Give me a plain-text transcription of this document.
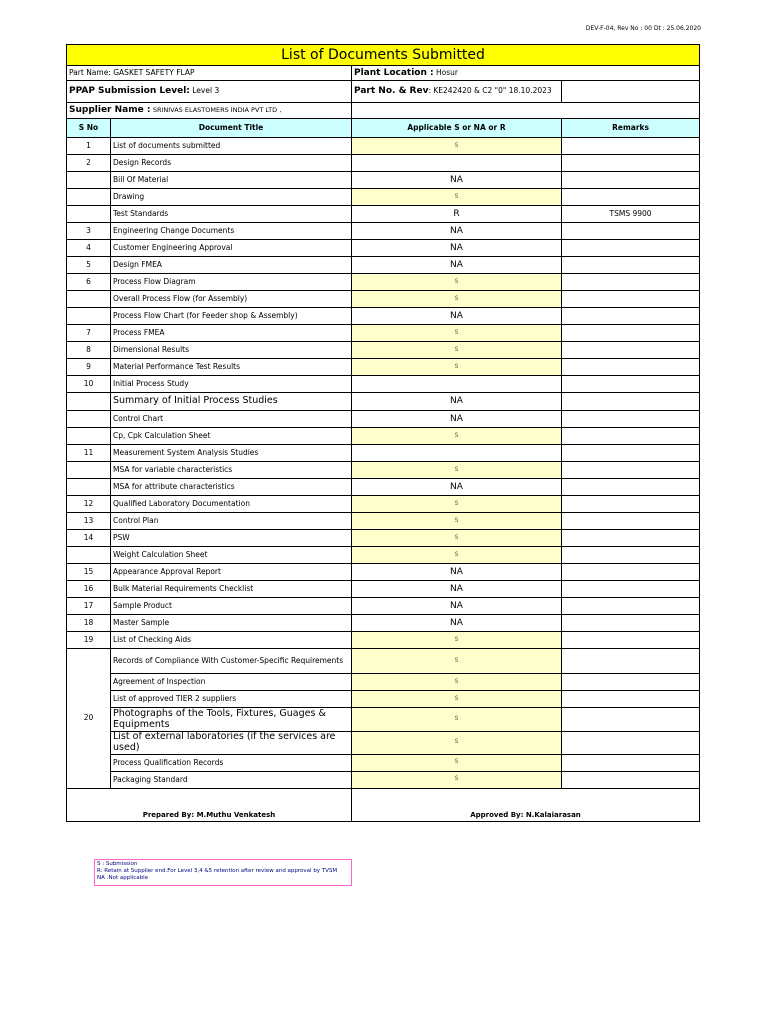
DEV-F-04, Rev No : 00 Dt : 25.06.2020
List of Documents Submitted			
Part Name: GASKET SAFETY FLAP		Plant Location : Hosur	
PPAP Submission Level: Level 3		Part No. & Rev: KE242420 & C2 "0" 18.10.2023	
Supplier Name : SRINIVAS ELASTOMERS INDIA PVT LTD ,			
S No	Document Title	Applicable S or NA or R	Remarks
1	List of documents submitted	S	
2	Design Records		
	Bill Of Material	NA	
	Drawing	S	
	Test Standards	R	TSMS 9900
3	Engineering Change Documents	NA	
4	Customer Engineering Approval	NA	
5	Design FMEA	NA	
6	Process Flow Diagram	S	
	Overall Process Flow (for Assembly)	S	
	Process Flow Chart (for Feeder shop & Assembly)	NA	
7	Process FMEA	S	
8	Dimensional Results	S	
9	Material Performance Test Results	S	
10	Initial Process Study		
	Summary of Initial Process Studies	NA	
	Control Chart	NA	
	Cp, Cpk Calculation Sheet	S	
11	Measurement System Analysis Studies		
	MSA for variable characteristics	S	
	MSA for attribute characteristics	NA	
12	Qualified Laboratory Documentation	S	
13	Control Plan	S	
14	PSW	S	
	Weight Calculation Sheet	S	
15	Appearance Approval Report	NA	
16	Bulk Material Requirements Checklist	NA	
17	Sample Product	NA	
18	Master Sample	NA	
19	List of Checking Aids	S	
20	Records of Compliance With Customer-Specific Requirements	S	
	Agreement of Inspection	S	
	List of approved TIER 2 suppliers	S	
	Photographs of the Tools, Fixtures, Guages & Equipments	S	
	List of external laboratories (if the services are used)	S	
	Process Qualification Records	S	
	Packaging Standard	S	
Prepared By: M.Muthu Venkatesh		Approved By: N.Kalaiarasan	
S : Submission
R: Retain at Supplier end.For Level 3,4 &5 retention after review and approval by TVSM
NA :Not applicable
